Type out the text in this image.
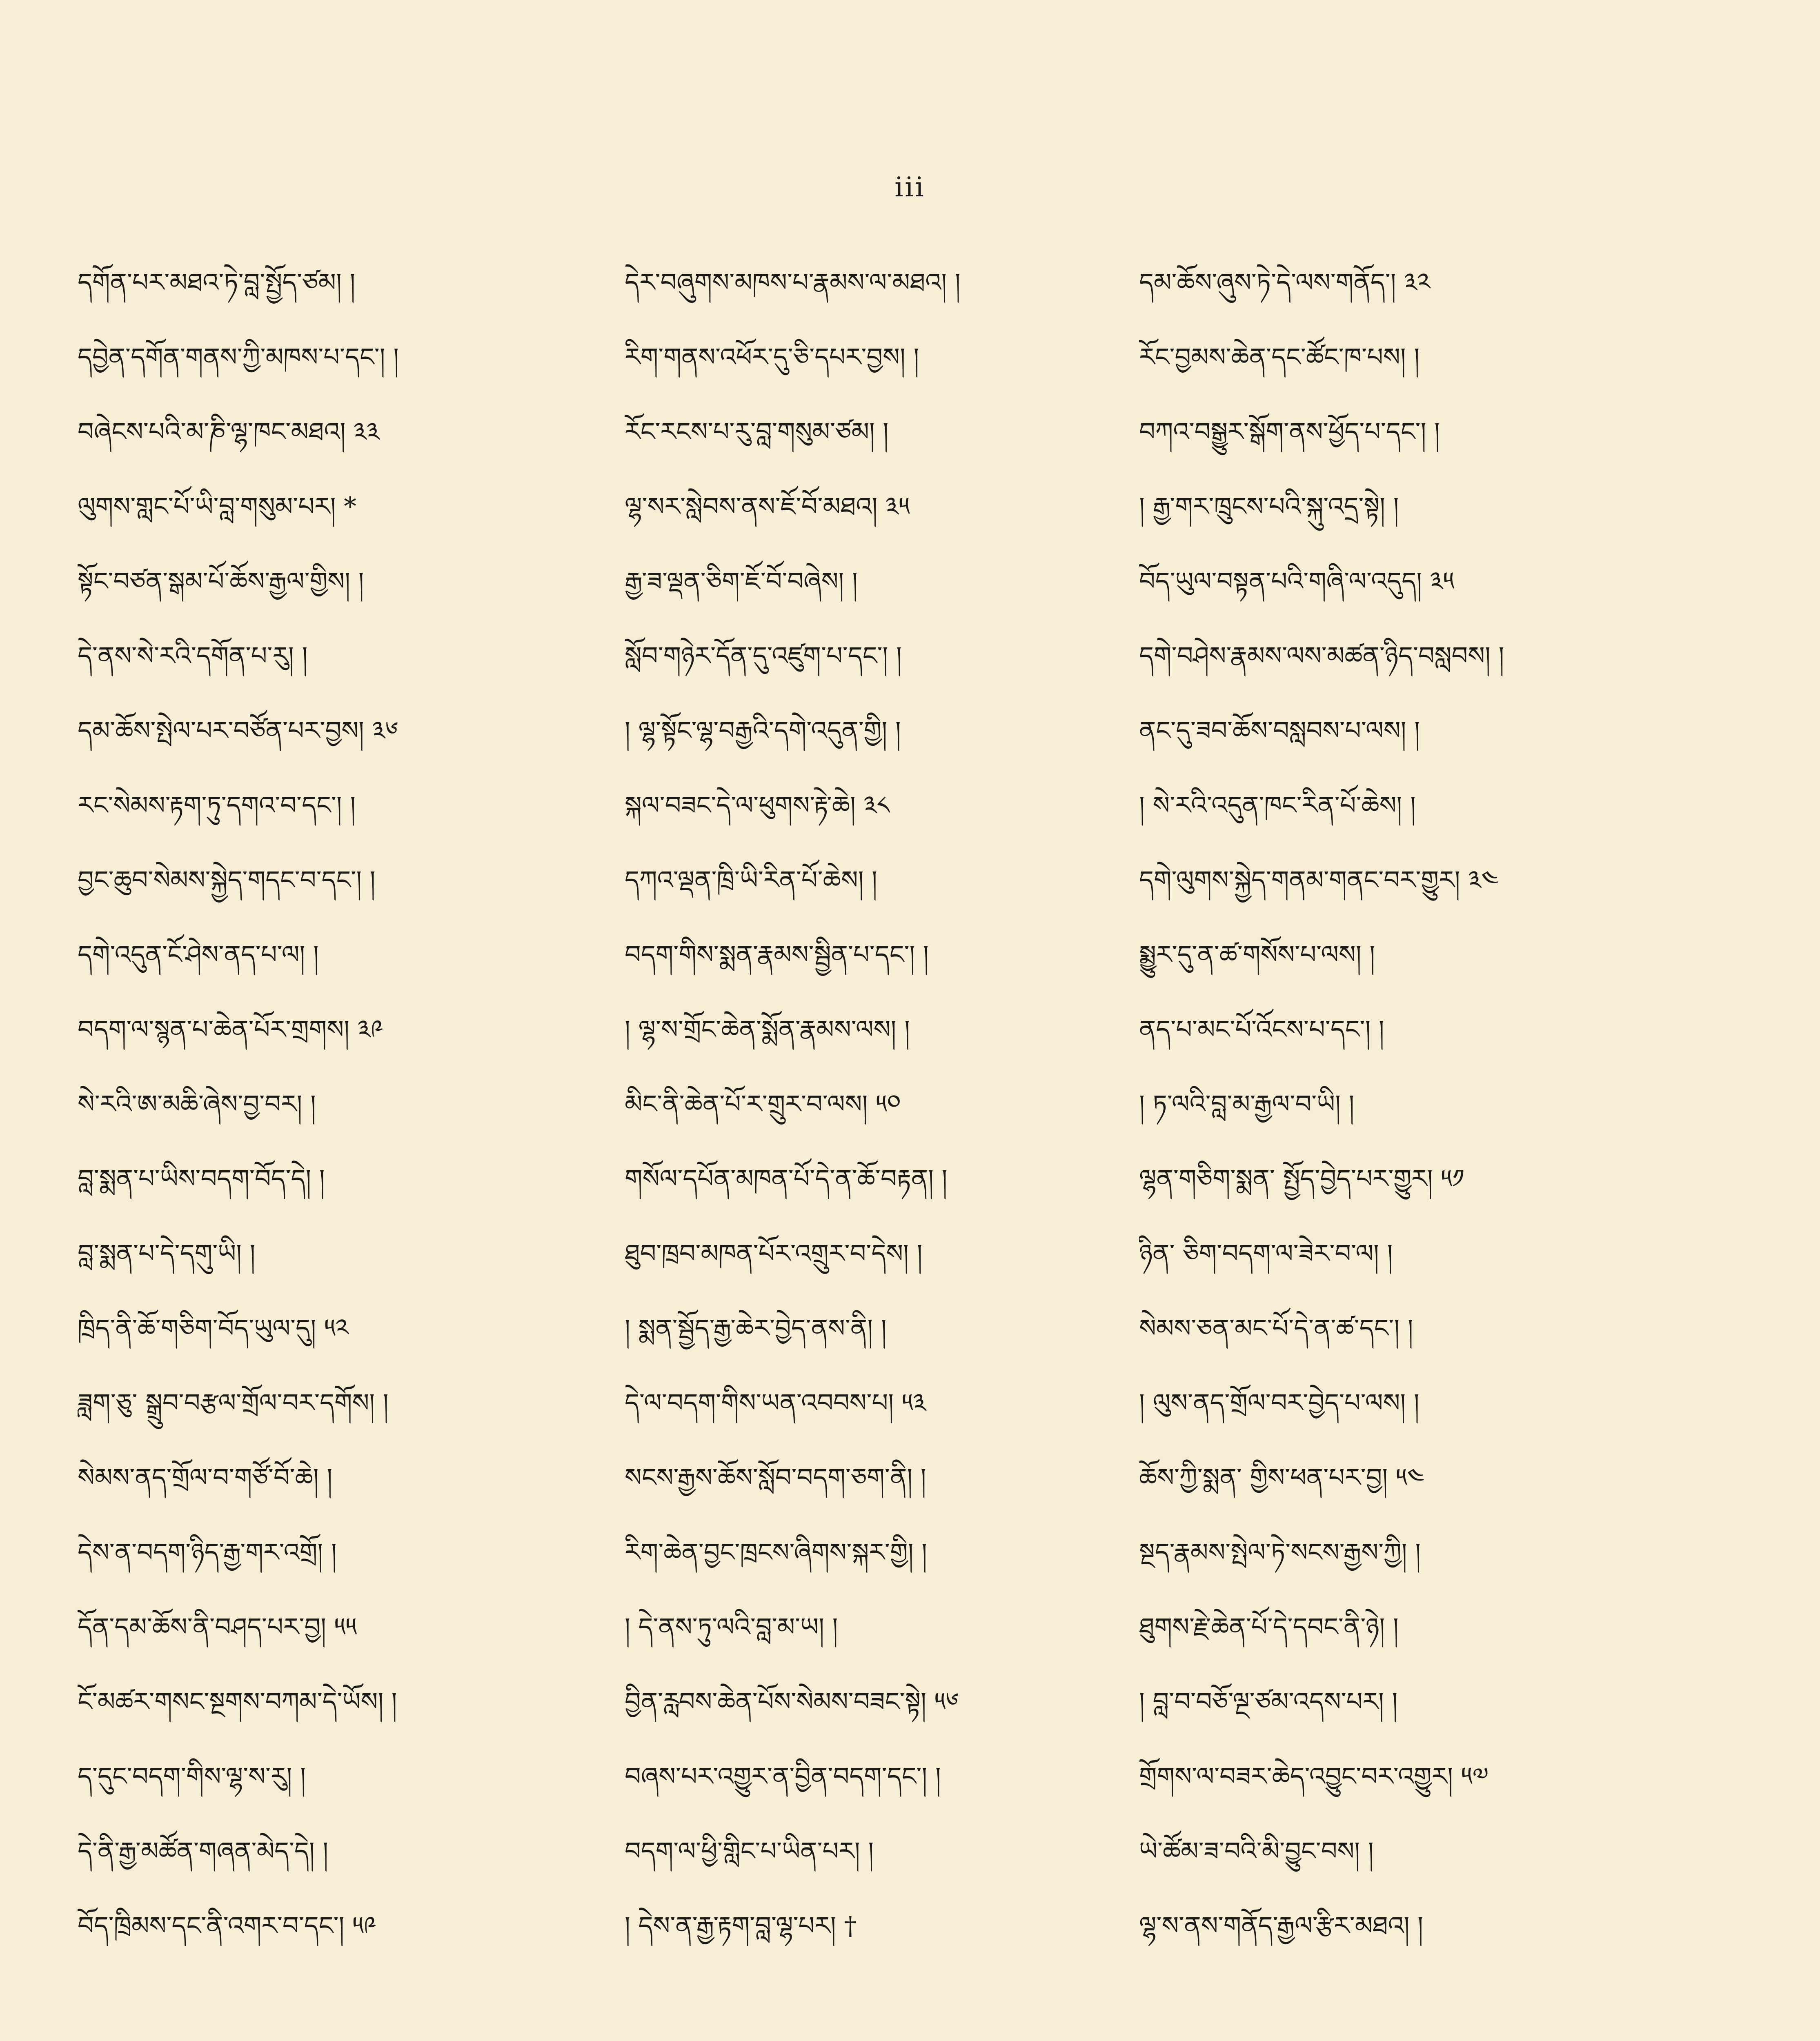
iii
དགོན་པར་མཐའ་ཏེ་བླ་སྤྱོད་ཙམ། །
དབྱེན་དགོན་གནས་ཀྱི་མཁས་པ་དང་། །
བཞེངས་པའི་མ་ཎི་ལྷ་ཁང་མཐའ། ༣༣
ལུགས་གླང་པོ་ཡི་བླ་གསུམ་པར། *
སྟོང་བཙན་སྒམ་པོ་ཆོས་རྒྱལ་གྱིས། །
དེ་ནས་སེ་རའི་དགོན་པ་རུ། །
དམ་ཆོས་སྤེལ་པར་བཙོན་པར་བྱས། ༣༦
རང་སེམས་རྟག་ཏུ་དགའ་བ་དང་། །
བྱང་ཆུབ་སེམས་སྐྱེད་གདང་བ་དང་། །
དགེ་འདུན་ངོ་ཤེས་ནད་པ་ལ། །
བདག་ལ་སྙན་པ་ཆེན་པོར་གྲགས། ༣༩
སེ་རའི་ཨ་མཆི་ཞེས་བྱ་བར། །
བླ་སྨན་པ་ཡིས་བདག་བོད་དེ། །
བླ་སྨན་པ་དེ་དགུ་ཡི། །
ཁྲིད་ནི་ཆོ་གཅིག་བོད་ཡུལ་དུ། ༥༢
ཟླག་ཅུ་ སྒྲུབ་བརྩལ་གྲོལ་བར་དགོས། །
སེམས་ནད་གྲོལ་བ་གཙོ་བོ་ཆེ། །
དེས་ན་བདག་ཉིད་རྒྱ་གར་འགྲོ། །
དོན་དམ་ཆོས་ནི་བཤད་པར་བྱ། ༥༥
ངོ་མཚར་གསང་སྔགས་བཀམ་དེ་ཡོས། །
ད་དུང་བདག་གིས་ལྷ་ས་རུ། །
དེ་ནི་རྒྱ་མཚོན་གཞན་མེད་དེ། །
བོད་ཁྲིམས་དང་ནི་འགར་བ་དང་། ༥༩
དེར་བཞུགས་མཁས་པ་རྣམས་ལ་མཐའ། །
རིག་གནས་འཕོར་དུ་ཅི་དཔར་བྱས། །
རོང་རངས་པ་རུ་བླ་གསུམ་ཙམ། །
ལྷ་སར་སླེབས་ནས་ཇོ་བོ་མཐའ། ༣༥
རྒྱ་ཟ་ལྡན་ཅིག་ཇོ་བོ་བཞེས། །
སློབ་གཉེར་དོན་དུ་འཛུག་པ་དང་། །
། ལྷ་སྟོང་ལྷ་བརྒྱའི་དགེ་འདུན་གྱི། །
སྐལ་བཟང་དེ་ལ་ཕུགས་རྟེ་ཆེ། ༣༨
དཀའ་ལྡན་ཁྲི་ཡི་རིན་པོ་ཆེས། །
བདག་གིས་སྨན་རྣམས་སྦྱིན་པ་དང་། །
། ལྷ་ས་གྲོང་ཆེན་སྨོན་རྣམས་ལས། །
མིང་ནི་ཆེན་པོ་ར་གྲུར་བ་ལས། ༥༠
གསོལ་དཔོན་མཁན་པོ་དེ་ན་ཆོ་བརྟན། །
ཐུབ་ཁྲབ་མཁན་པོར་འགྲུར་བ་དེས། །
། སྨན་སྦྱོད་རྒྱ་ཆེར་བྱེད་ནས་ནི། །
དེ་ལ་བདག་གིས་ཡན་འབབས་པ། ༥༣
སངས་རྒྱས་ཆོས་སློབ་བདག་ཅག་ནི། །
རིག་ཆེན་བྱང་ཁྲངས་ཞིགས་སྐར་གྱི། །
། དེ་ནས་ཏུ་ལའི་བླ་མ་ཡ། །
བྱིན་རླབས་ཆེན་པོས་སེམས་བཟང་སྟེ། ༥༦
བཞས་པར་འགྱུར་ན་བྱིན་བདག་དང་། །
བདག་ལ་ཕྱི་གླིང་པ་ཡིན་པར། །
། དེས་ན་རྒྱ་རྟག་བླ་ལྷ་པར། †
དམ་ཆོས་ཞུས་ཏེ་དེ་ལས་གནོད་། ༣༢
རོང་བྱམས་ཆེན་དང་ཚོང་ཁ་པས། །
བཀའ་བསྒྱུར་སྒོག་ནས་ཕྱོད་པ་དང་། །
། རྒྱ་གར་ཁྲུངས་པའི་སྐུ་འདྲ་སྟེ། །
བོད་ཡུལ་བསྟན་པའི་གཞི་ལ་འདུད། ༣༥
དགེ་བཤེས་རྣམས་ལས་མཚན་ཉིད་བསླབས། །
ནང་དུ་ཟབ་ཆོས་བསླབས་པ་ལས། །
། སེ་རའི་འདུན་ཁང་རིན་པོ་ཆེས། །
དགེ་ལུགས་སྐྱེད་གནམ་གནང་བར་གྱུར། ༣༤
སྨྱུར་དུ་ན་ཚ་གསོས་པ་ལས། །
ནད་པ་མང་པོ་འོངས་པ་དང་། །
། ཏ་ལའི་བླ་མ་རྒྱལ་བ་ཡི། །
ལྷན་གཅིག་སྨན་ སྤྱོད་བྱེད་པར་གྱུར། ༥༡
ཉིན་ ཅིག་བདག་ལ་ཟེར་བ་ལ། །
སེམས་ཅན་མང་པོ་དེ་ན་ཚ་དང་། །
། ལུས་ནད་གྲོལ་བར་བྱེད་པ་ལས། །
ཆོས་ཀྱི་སྨན་ གྱིས་ཕན་པར་བྱ། ༥༤
སྔད་རྣམས་སྤེལ་ཏེ་སངས་རྒྱས་ཀྱི། །
ཐུགས་རྗེ་ཆེན་པོ་དེ་དབང་ནི་ཉེ། །
། བླ་བ་བཅོ་ལྔ་ཙམ་འདས་པར། །
གྲོགས་ལ་བཟར་ཆེད་འབྱུང་བར་འགྱུར། ༥༧
ཡེ་ཚོམ་ཟ་བའི་མི་བྱུང་བས། །
ལྷ་ས་ནས་གནོད་རྒྱལ་རྩིར་མཐའ། །
